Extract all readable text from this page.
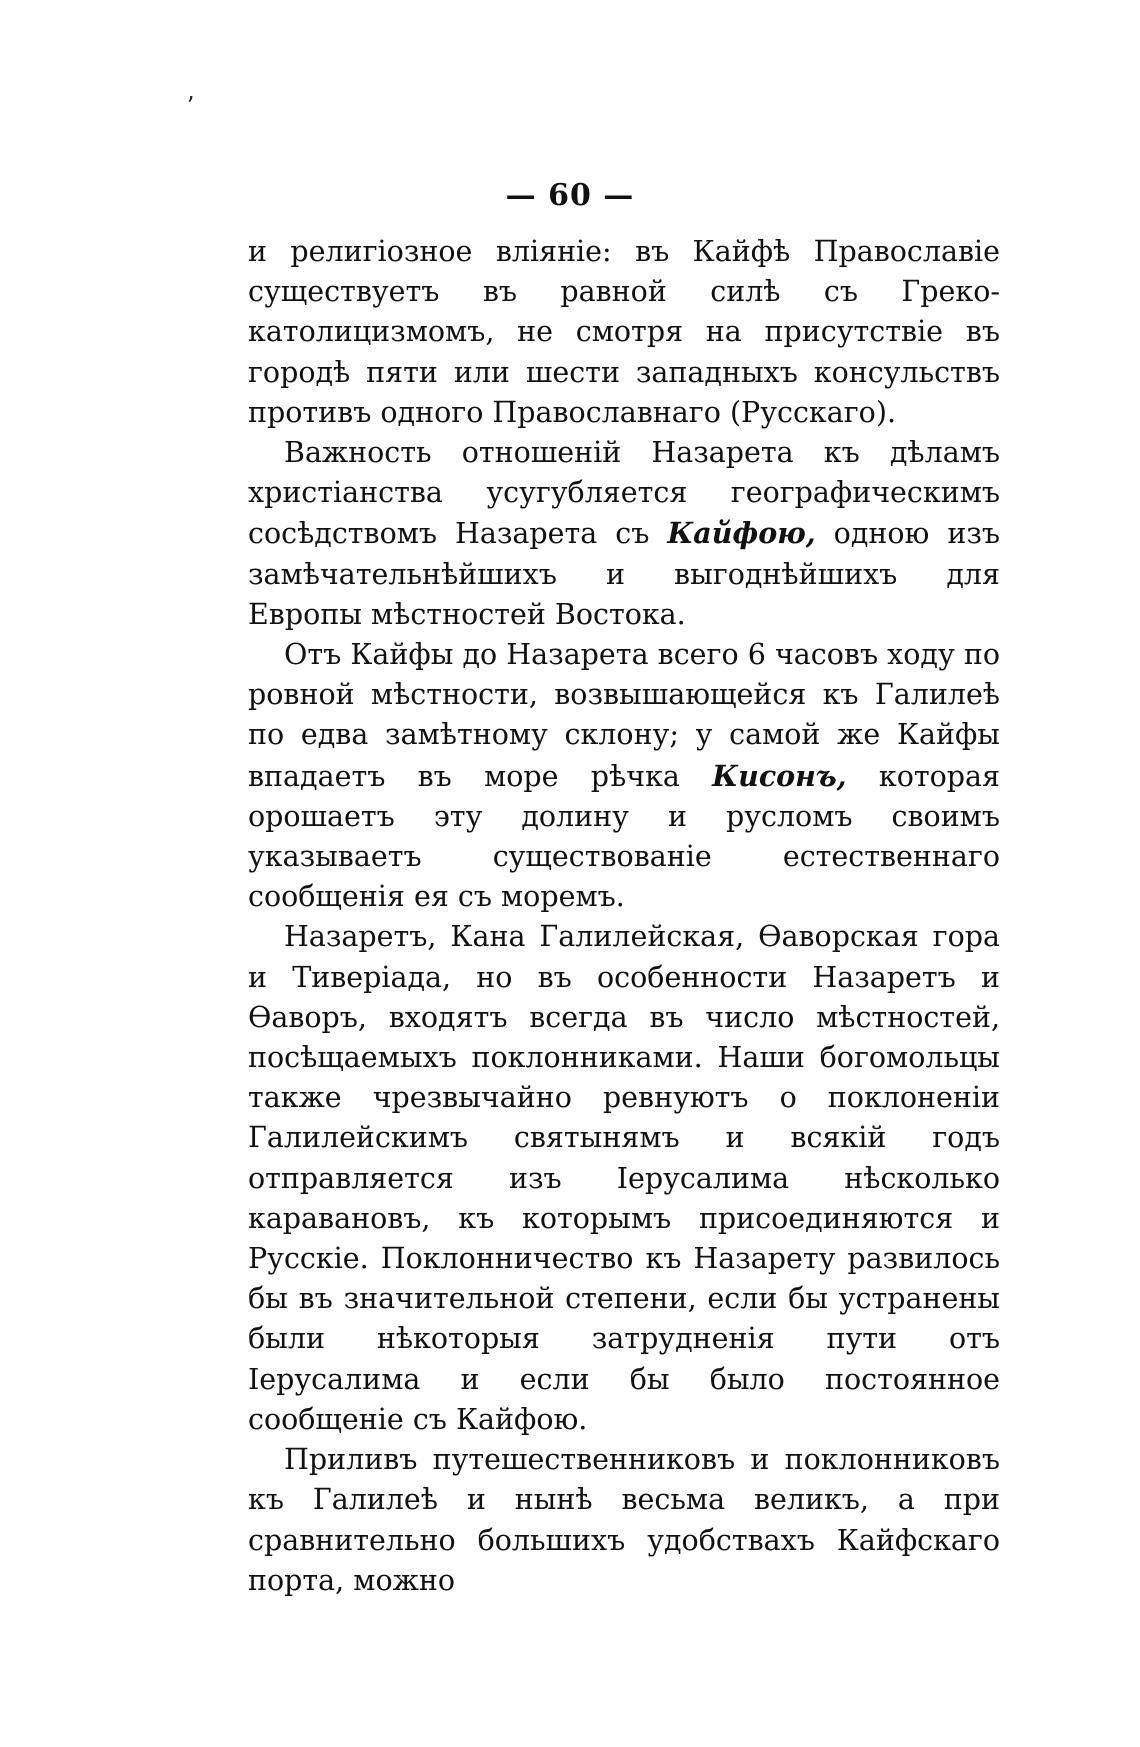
ʼ
— 60 —

и религіозное вліяніе: въ Кайфѣ Православіе существуетъ въ равной силѣ съ Греко-католицизмомъ, не смотря на присутствіе въ городѣ пяти или шести западныхъ консульствъ противъ одного Православнаго (Русскаго).

Важность отношеній Назарета къ дѣламъ христіанства усугубляется географическимъ сосѣдствомъ Назарета съ Кайфою, одною изъ замѣчательнѣйшихъ и выгоднѣйшихъ для Европы мѣстностей Востока.

Отъ Кайфы до Назарета всего 6 часовъ ходу по ровной мѣстности, возвышающейся къ Галилеѣ по едва замѣтному склону; у самой же Кайфы впадаетъ въ море рѣчка Кисонъ, которая орошаетъ эту долину и русломъ своимъ указываетъ существованіе естественнаго сообщенія ея съ моремъ.

Назаретъ, Кана Галилейская, Ѳаворская гора и Тиверіада, но въ особенности Назаретъ и Ѳаворъ, входятъ всегда въ число мѣстностей, посѣщаемыхъ поклонниками. Наши богомольцы также чрезвычайно ревнуютъ о поклоненіи Галилейскимъ святынямъ и всякій годъ отправляется изъ Іерусалима нѣсколько каравановъ, къ которымъ присоединяются и Русскіе. Поклонничество къ Назарету развилось бы въ значительной степени, если бы устранены были нѣкоторыя затрудненія пути отъ Іерусалима и если бы было постоянное сообщеніе съ Кайфою.

Приливъ путешественниковъ и поклонниковъ къ Галилеѣ и нынѣ весьма великъ, а при сравнительно большихъ удобствахъ Кайфскаго порта, можно
